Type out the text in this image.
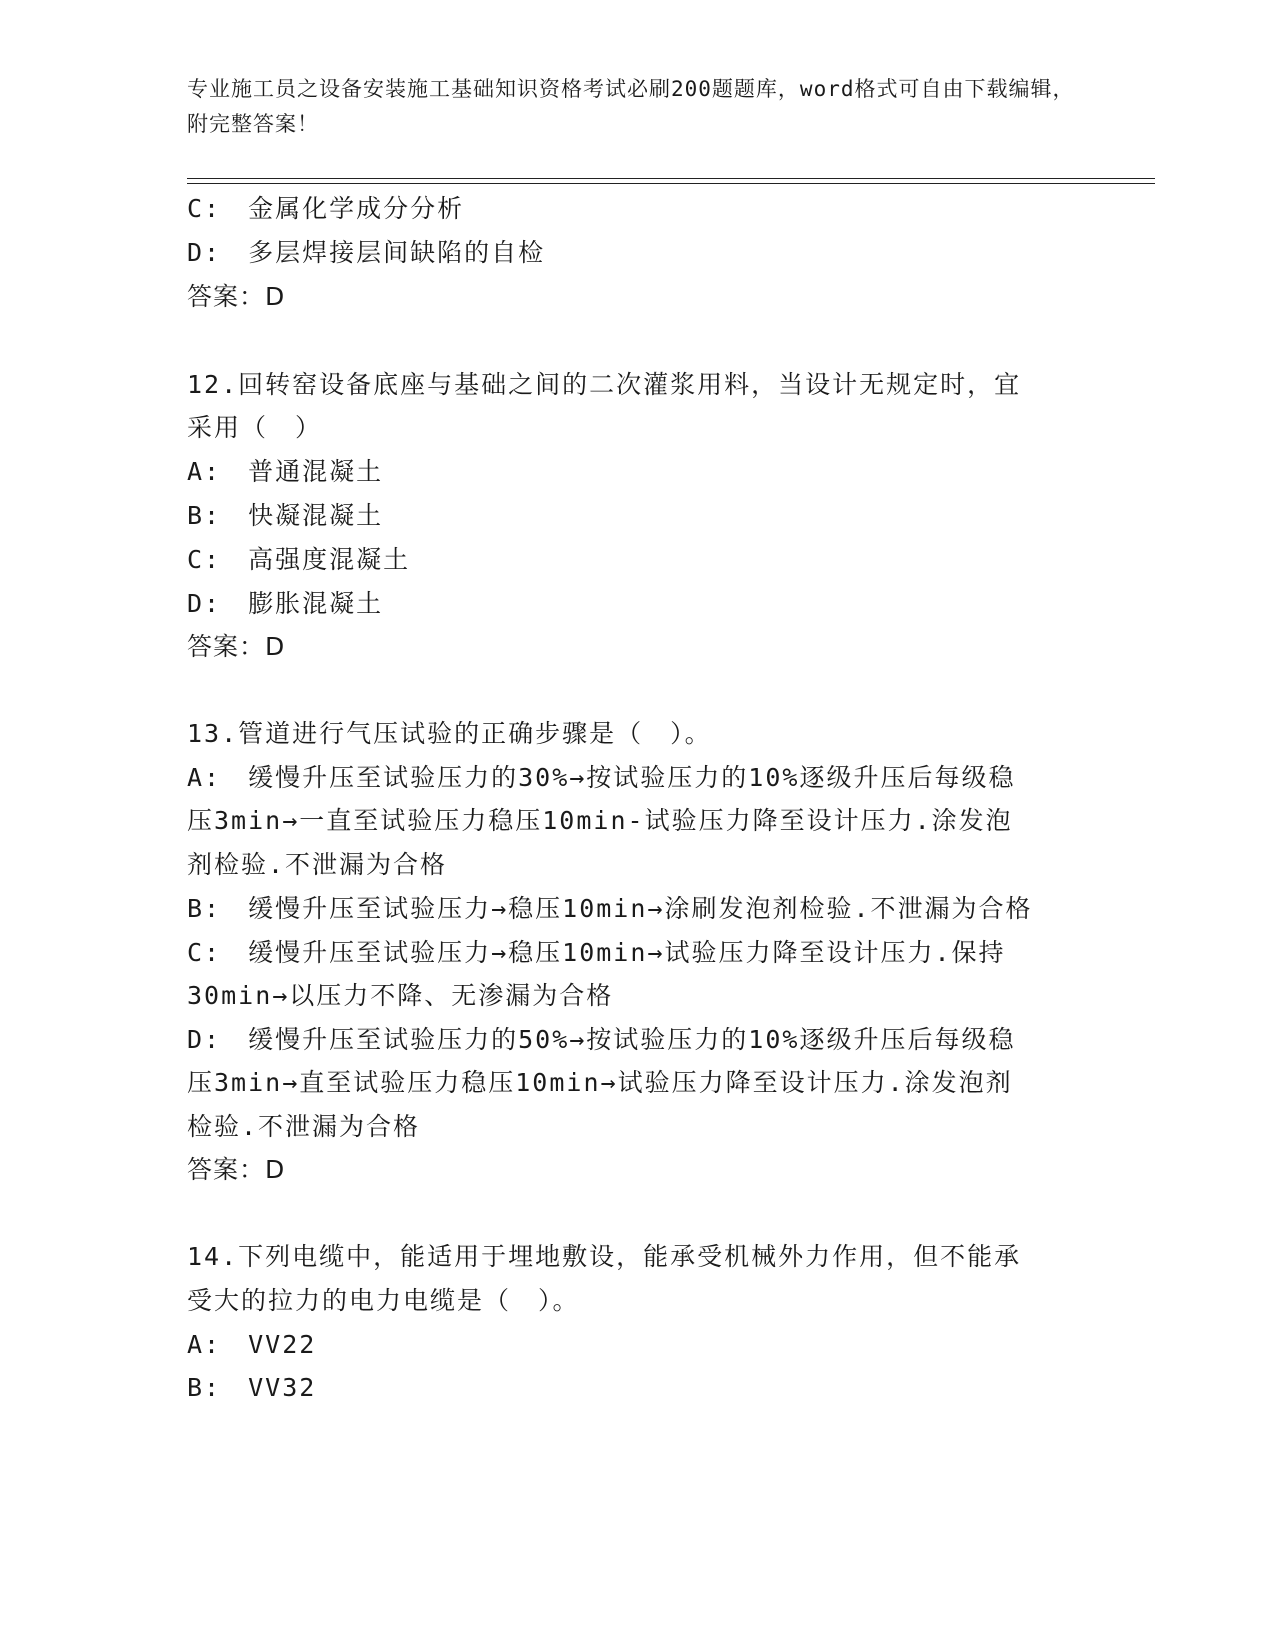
专业施工员之设备安装施工基础知识资格考试必刷200题题库，word格式可自由下载编辑，附完整答案！
C:　金属化学成分分析
D:　多层焊接层间缺陷的自检
答案：D
12.回转窑设备底座与基础之间的二次灌浆用料，当设计无规定时，宜
采用（　）
A:　普通混凝土
B:　快凝混凝土
C:　高强度混凝土
D:　膨胀混凝土
答案：D
13.管道进行气压试验的正确步骤是（　）。
A:　缓慢升压至试验压力的30%→按试验压力的10%逐级升压后每级稳
压3min→一直至试验压力稳压10min-试验压力降至设计压力.涂发泡
剂检验.不泄漏为合格
B:　缓慢升压至试验压力→稳压10min→涂刷发泡剂检验.不泄漏为合格
C:　缓慢升压至试验压力→稳压10min→试验压力降至设计压力.保持
30min→以压力不降、无渗漏为合格
D:　缓慢升压至试验压力的50%→按试验压力的10%逐级升压后每级稳
压3min→直至试验压力稳压10min→试验压力降至设计压力.涂发泡剂
检验.不泄漏为合格
答案：D
14.下列电缆中，能适用于埋地敷设，能承受机械外力作用，但不能承
受大的拉力的电力电缆是（　）。
A:　VV22
B:　VV32
